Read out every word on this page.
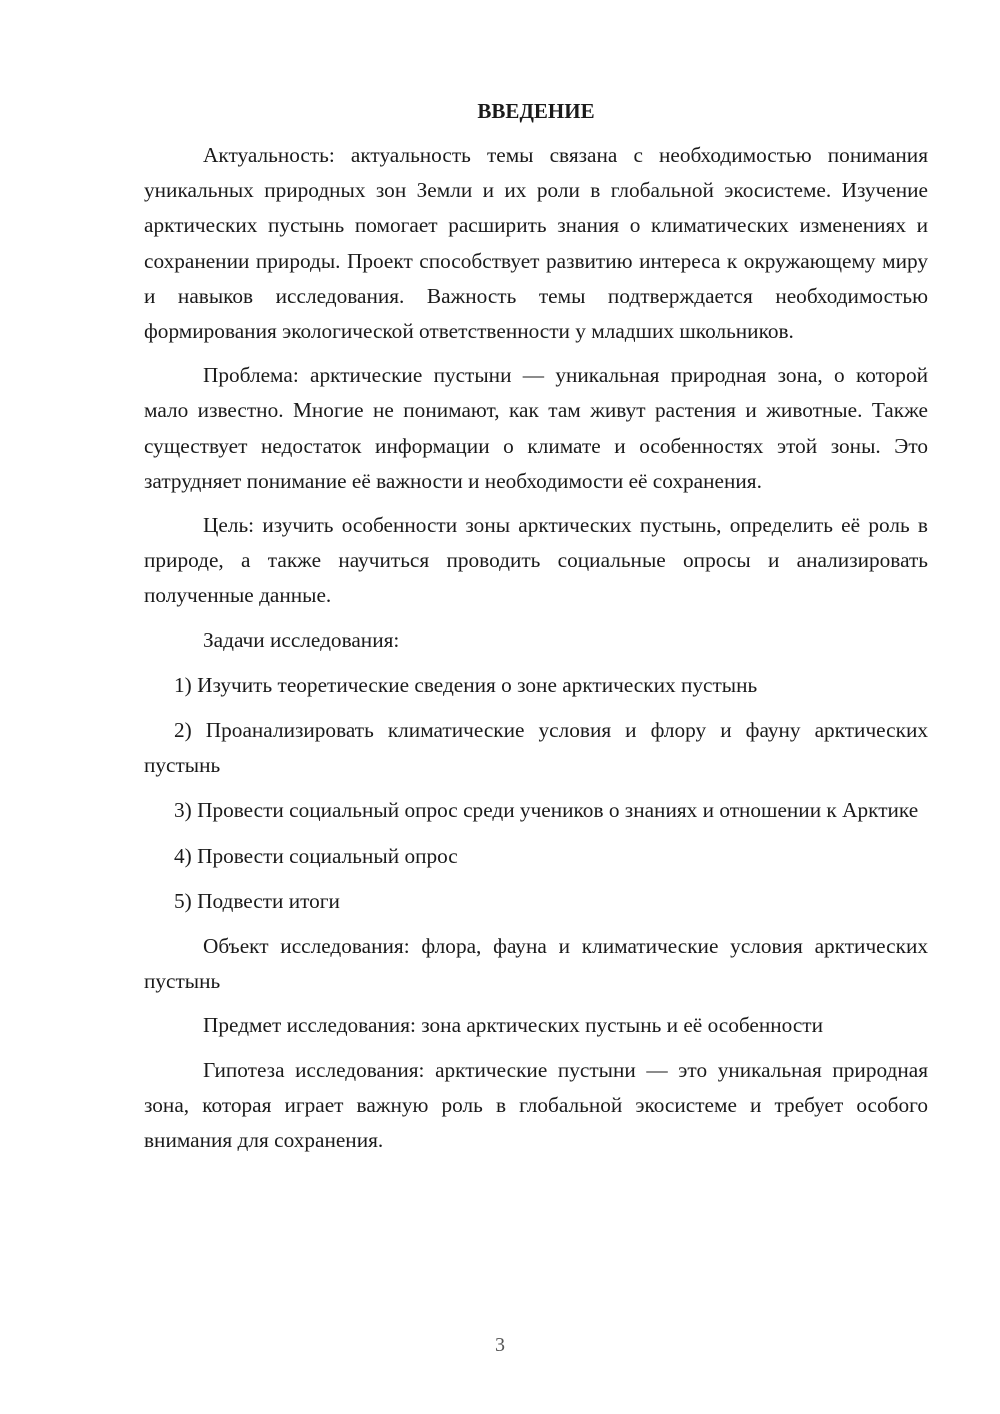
ВВЕДЕНИЕ

Актуальность: актуальность темы связана с необходимостью понимания уникальных природных зон Земли и их роли в глобальной экосистеме. Изучение арктических пустынь помогает расширить знания о климатических изменениях и сохранении природы. Проект способствует развитию интереса к окружающему миру и навыков исследования. Важность темы подтверждается необходимостью формирования экологической ответственности у младших школьников.

Проблема: арктические пустыни — уникальная природная зона, о которой мало известно. Многие не понимают, как там живут растения и животные. Также существует недостаток информации о климате и особенностях этой зоны. Это затрудняет понимание её важности и необходимости её сохранения.

Цель: изучить особенности зоны арктических пустынь, определить её роль в природе, а также научиться проводить социальные опросы и анализировать полученные данные.

Задачи исследования:

1) Изучить теоретические сведения о зоне арктических пустынь

2) Проанализировать климатические условия и флору и фауну арктических пустынь

3) Провести социальный опрос среди учеников о знаниях и отношении к Арктике

4) Провести социальный опрос

5) Подвести итоги

Объект исследования: флора, фауна и климатические условия арктических пустынь

Предмет исследования: зона арктических пустынь и её особенности

Гипотеза исследования: арктические пустыни — это уникальная природная зона, которая играет важную роль в глобальной экосистеме и требует особого внимания для сохранения.

3
